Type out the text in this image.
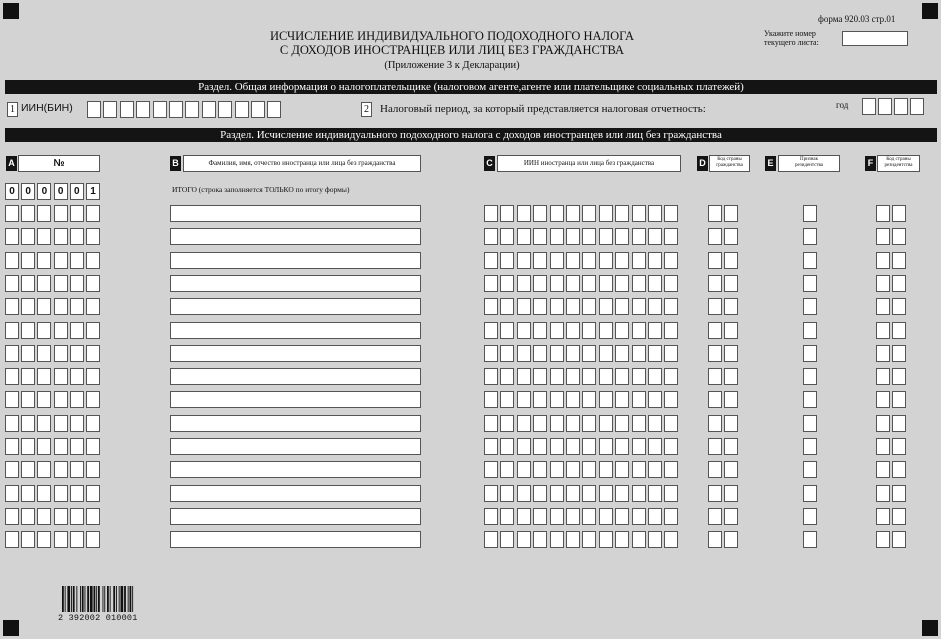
форма 920.03 стр.01
Укажите номер
текущего листа:
ИСЧИСЛЕНИЕ ИНДИВИДУАЛЬНОГО ПОДОХОДНОГО НАЛОГА
С ДОХОДОВ ИНОСТРАНЦЕВ ИЛИ ЛИЦ БЕЗ ГРАЖДАНСТВА
(Приложение 3 к Декларации)
Раздел. Общая информация о налогоплательщике (налоговом агенте,агенте или плательщике социальных платежей)
1 ИИН(БИН)	2 Налоговый период, за который представляется налоговая отчетность:	год
Раздел. Исчисление индивидуального подоходного налога с доходов иностранцев или лиц без гражданства
A	№	B	Фамилия, имя, отчество иностранца или лица без гражданства	C	ИИН иностранца или лица без гражданства	D	Код страны
гражданства	E	Признак
резидентства	F	Код страны
резидентства
0	0	0	0	0	1	ИТОГО (строка заполняется ТОЛЬКО по итогу формы)
2 392002 010001
